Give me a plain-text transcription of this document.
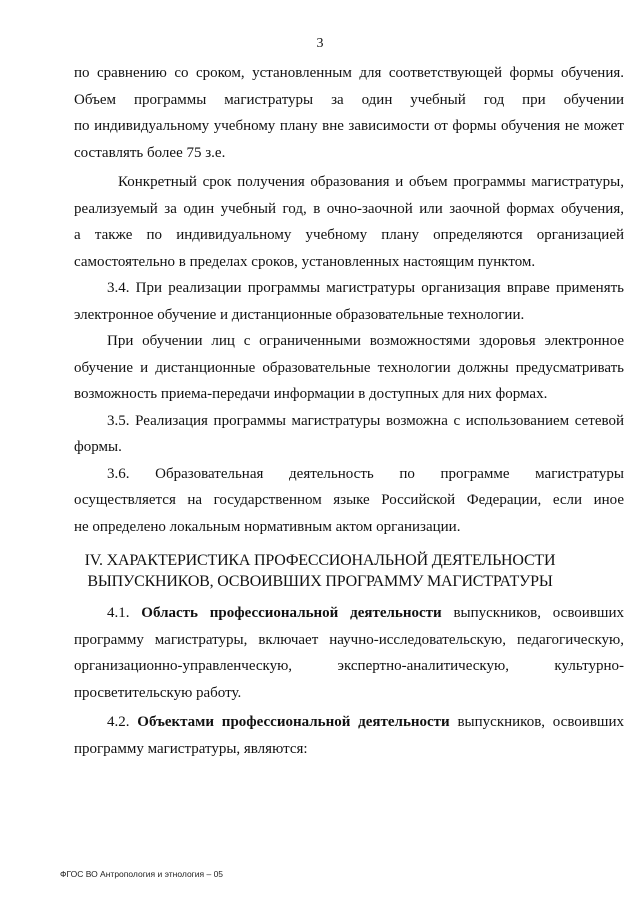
3
по сравнению со сроком, установленным для соответствующей формы обучения.
Объем программы магистратуры за один учебный год при обучении
по индивидуальному учебному плану вне зависимости от формы обучения не может
составлять более 75 з.е.
Конкретный срок получения образования и объем программы магистратуры,
реализуемый за один учебный год, в очно-заочной или заочной формах обучения,
а также по индивидуальному учебному плану определяются организацией
самостоятельно в пределах сроков, установленных настоящим пунктом.
3.4. При реализации программы магистратуры организация вправе применять
электронное обучение и дистанционные образовательные технологии.
При обучении лиц с ограниченными возможностями здоровья электронное
обучение и дистанционные образовательные технологии должны предусматривать
возможность приема-передачи информации в доступных для них формах.
3.5. Реализация программы магистратуры возможна с использованием сетевой
формы.
3.6. Образовательная деятельность по программе магистратуры
осуществляется на государственном языке Российской Федерации, если иное
не определено локальным нормативным актом организации.
IV. ХАРАКТЕРИСТИКА ПРОФЕССИОНАЛЬНОЙ ДЕЯТЕЛЬНОСТИ
ВЫПУСКНИКОВ, ОСВОИВШИХ ПРОГРАММУ МАГИСТРАТУРЫ
4.1. Область профессиональной деятельности выпускников, освоивших
программу магистратуры, включает научно-исследовательскую, педагогическую,
организационно-управленческую, экспертно-аналитическую, культурно-
просветительскую работу.
4.2. Объектами профессиональной деятельности выпускников, освоивших
программу магистратуры, являются:
ФГОС ВО Антропология и этнология – 05
